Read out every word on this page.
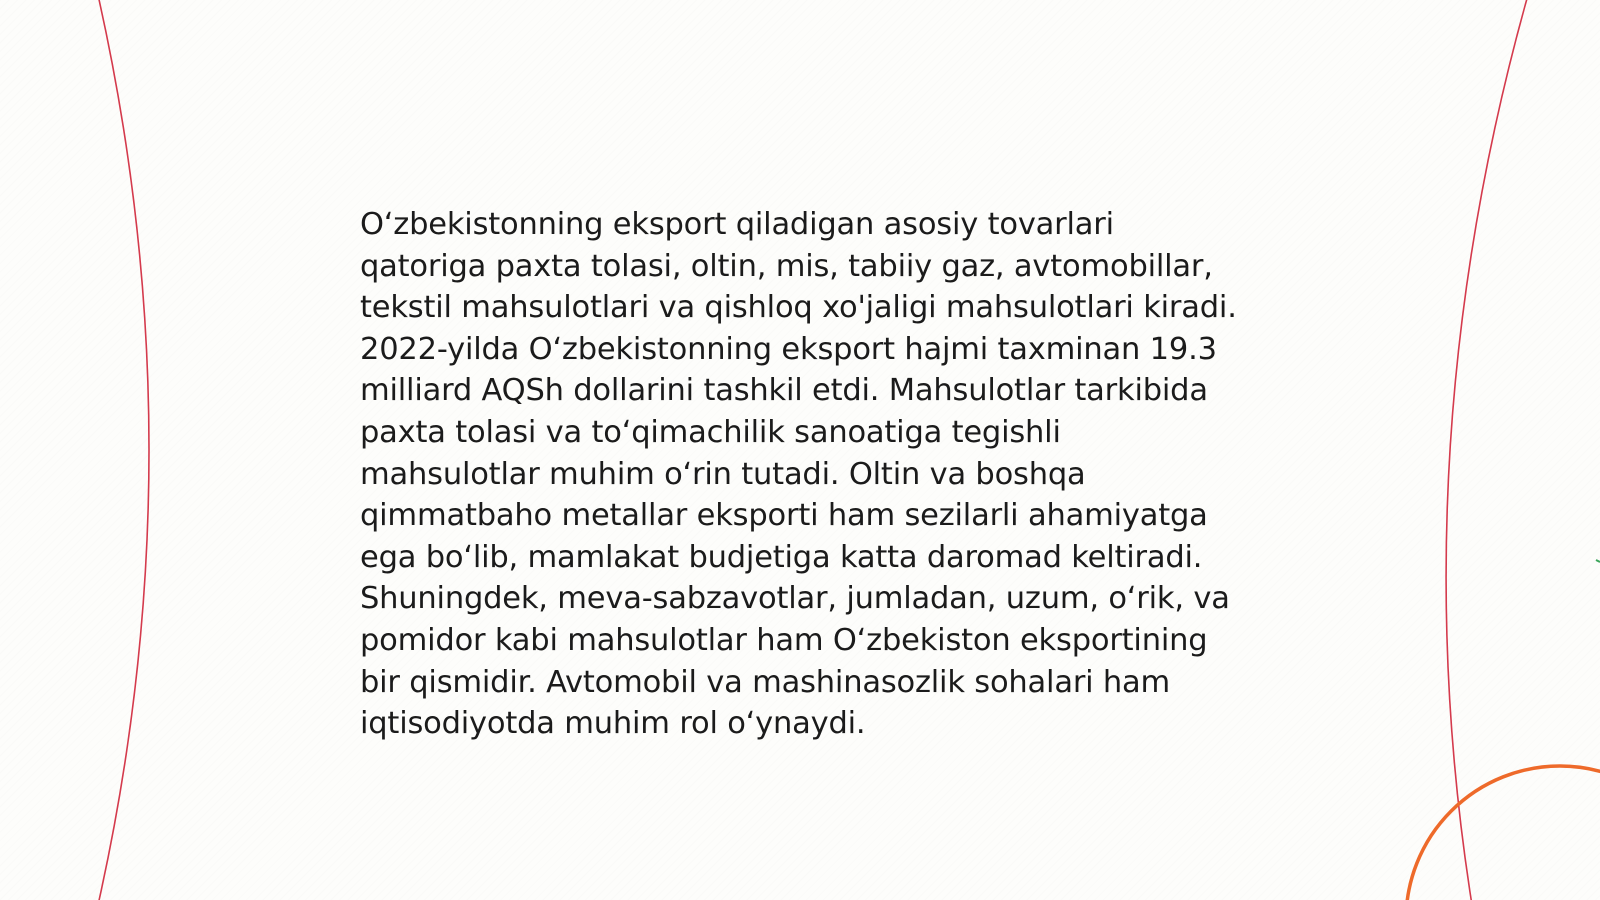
O‘zbekistonning eksport qiladigan asosiy tovarlari qatoriga paxta tolasi, oltin, mis, tabiiy gaz, avtomobillar, tekstil mahsulotlari va qishloq xo'jaligi mahsulotlari kiradi. 2022-yilda O‘zbekistonning eksport hajmi taxminan 19.3 milliard AQSh dollarini tashkil etdi. Mahsulotlar tarkibida paxta tolasi va to‘qimachilik sanoatiga tegishli mahsulotlar muhim o‘rin tutadi. Oltin va boshqa qimmatbaho metallar eksporti ham sezilarli ahamiyatga ega bo‘lib, mamlakat budjetiga katta daromad keltiradi. Shuningdek, meva-sabzavotlar, jumladan, uzum, o‘rik, va pomidor kabi mahsulotlar ham O‘zbekiston eksportining bir qismidir. Avtomobil va mashinasozlik sohalari ham iqtisodiyotda muhim rol o‘ynaydi.
